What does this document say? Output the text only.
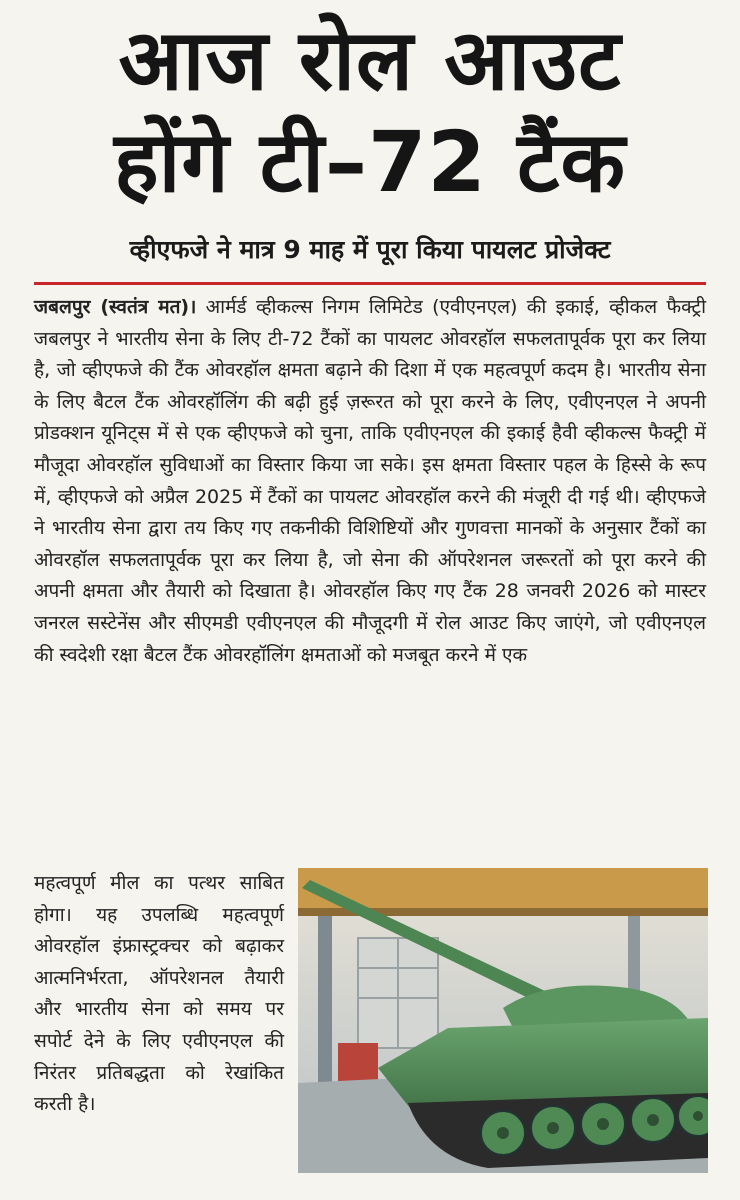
आज रोल आउट
होंगे टी–72 टैंक
व्हीएफजे ने मात्र 9 माह में पूरा किया पायलट प्रोजेक्ट

जबलपुर (स्वतंत्र मत)। आर्मर्ड व्हीकल्स निगम लिमिटेड (एवीएनएल) की इकाई, व्हीकल फैक्ट्री जबलपुर ने भारतीय सेना के लिए टी-72 टैंकों का पायलट ओवरहॉल सफलतापूर्वक पूरा कर लिया है, जो व्हीएफजे की टैंक ओवरहॉल क्षमता बढ़ाने की दिशा में एक महत्वपूर्ण कदम है। भारतीय सेना के लिए बैटल टैंक ओवरहॉलिंग की बढ़ी हुई ज़रूरत को पूरा करने के लिए, एवीएनएल ने अपनी प्रोडक्शन यूनिट्स में से एक व्हीएफजे को चुना, ताकि एवीएनएल की इकाई हैवी व्हीकल्स फैक्ट्री में मौजूदा ओवरहॉल सुविधाओं का विस्तार किया जा सके। इस क्षमता विस्तार पहल के हिस्से के रूप में, व्हीएफजे को अप्रैल 2025 में टैंकों का पायलट ओवरहॉल करने की मंजूरी दी गई थी। व्हीएफजे ने भारतीय सेना द्वारा तय किए गए तकनीकी विशिष्टियों और गुणवत्ता मानकों के अनुसार टैंकों का ओवरहॉल सफलतापूर्वक पूरा कर लिया है, जो सेना की ऑपरेशनल जरूरतों को पूरा करने की अपनी क्षमता और तैयारी को दिखाता है। ओवरहॉल किए गए टैंक 28 जनवरी 2026 को मास्टर जनरल सस्टेनेंस और सीएमडी एवीएनएल की मौजूदगी में रोल आउट किए जाएंगे, जो एवीएनएल की स्वदेशी रक्षा बैटल टैंक ओवरहॉलिंग क्षमताओं को मजबूत करने में एक

महत्वपूर्ण मील का पत्थर साबित होगा। यह उपलब्धि महत्वपूर्ण ओवरहॉल इंफ्रास्ट्रक्चर को बढ़ाकर आत्मनिर्भरता, ऑपरेशनल तैयारी और भारतीय सेना को समय पर सपोर्ट देने के लिए एवीएनएल की निरंतर प्रतिबद्धता को रेखांकित करती है।
